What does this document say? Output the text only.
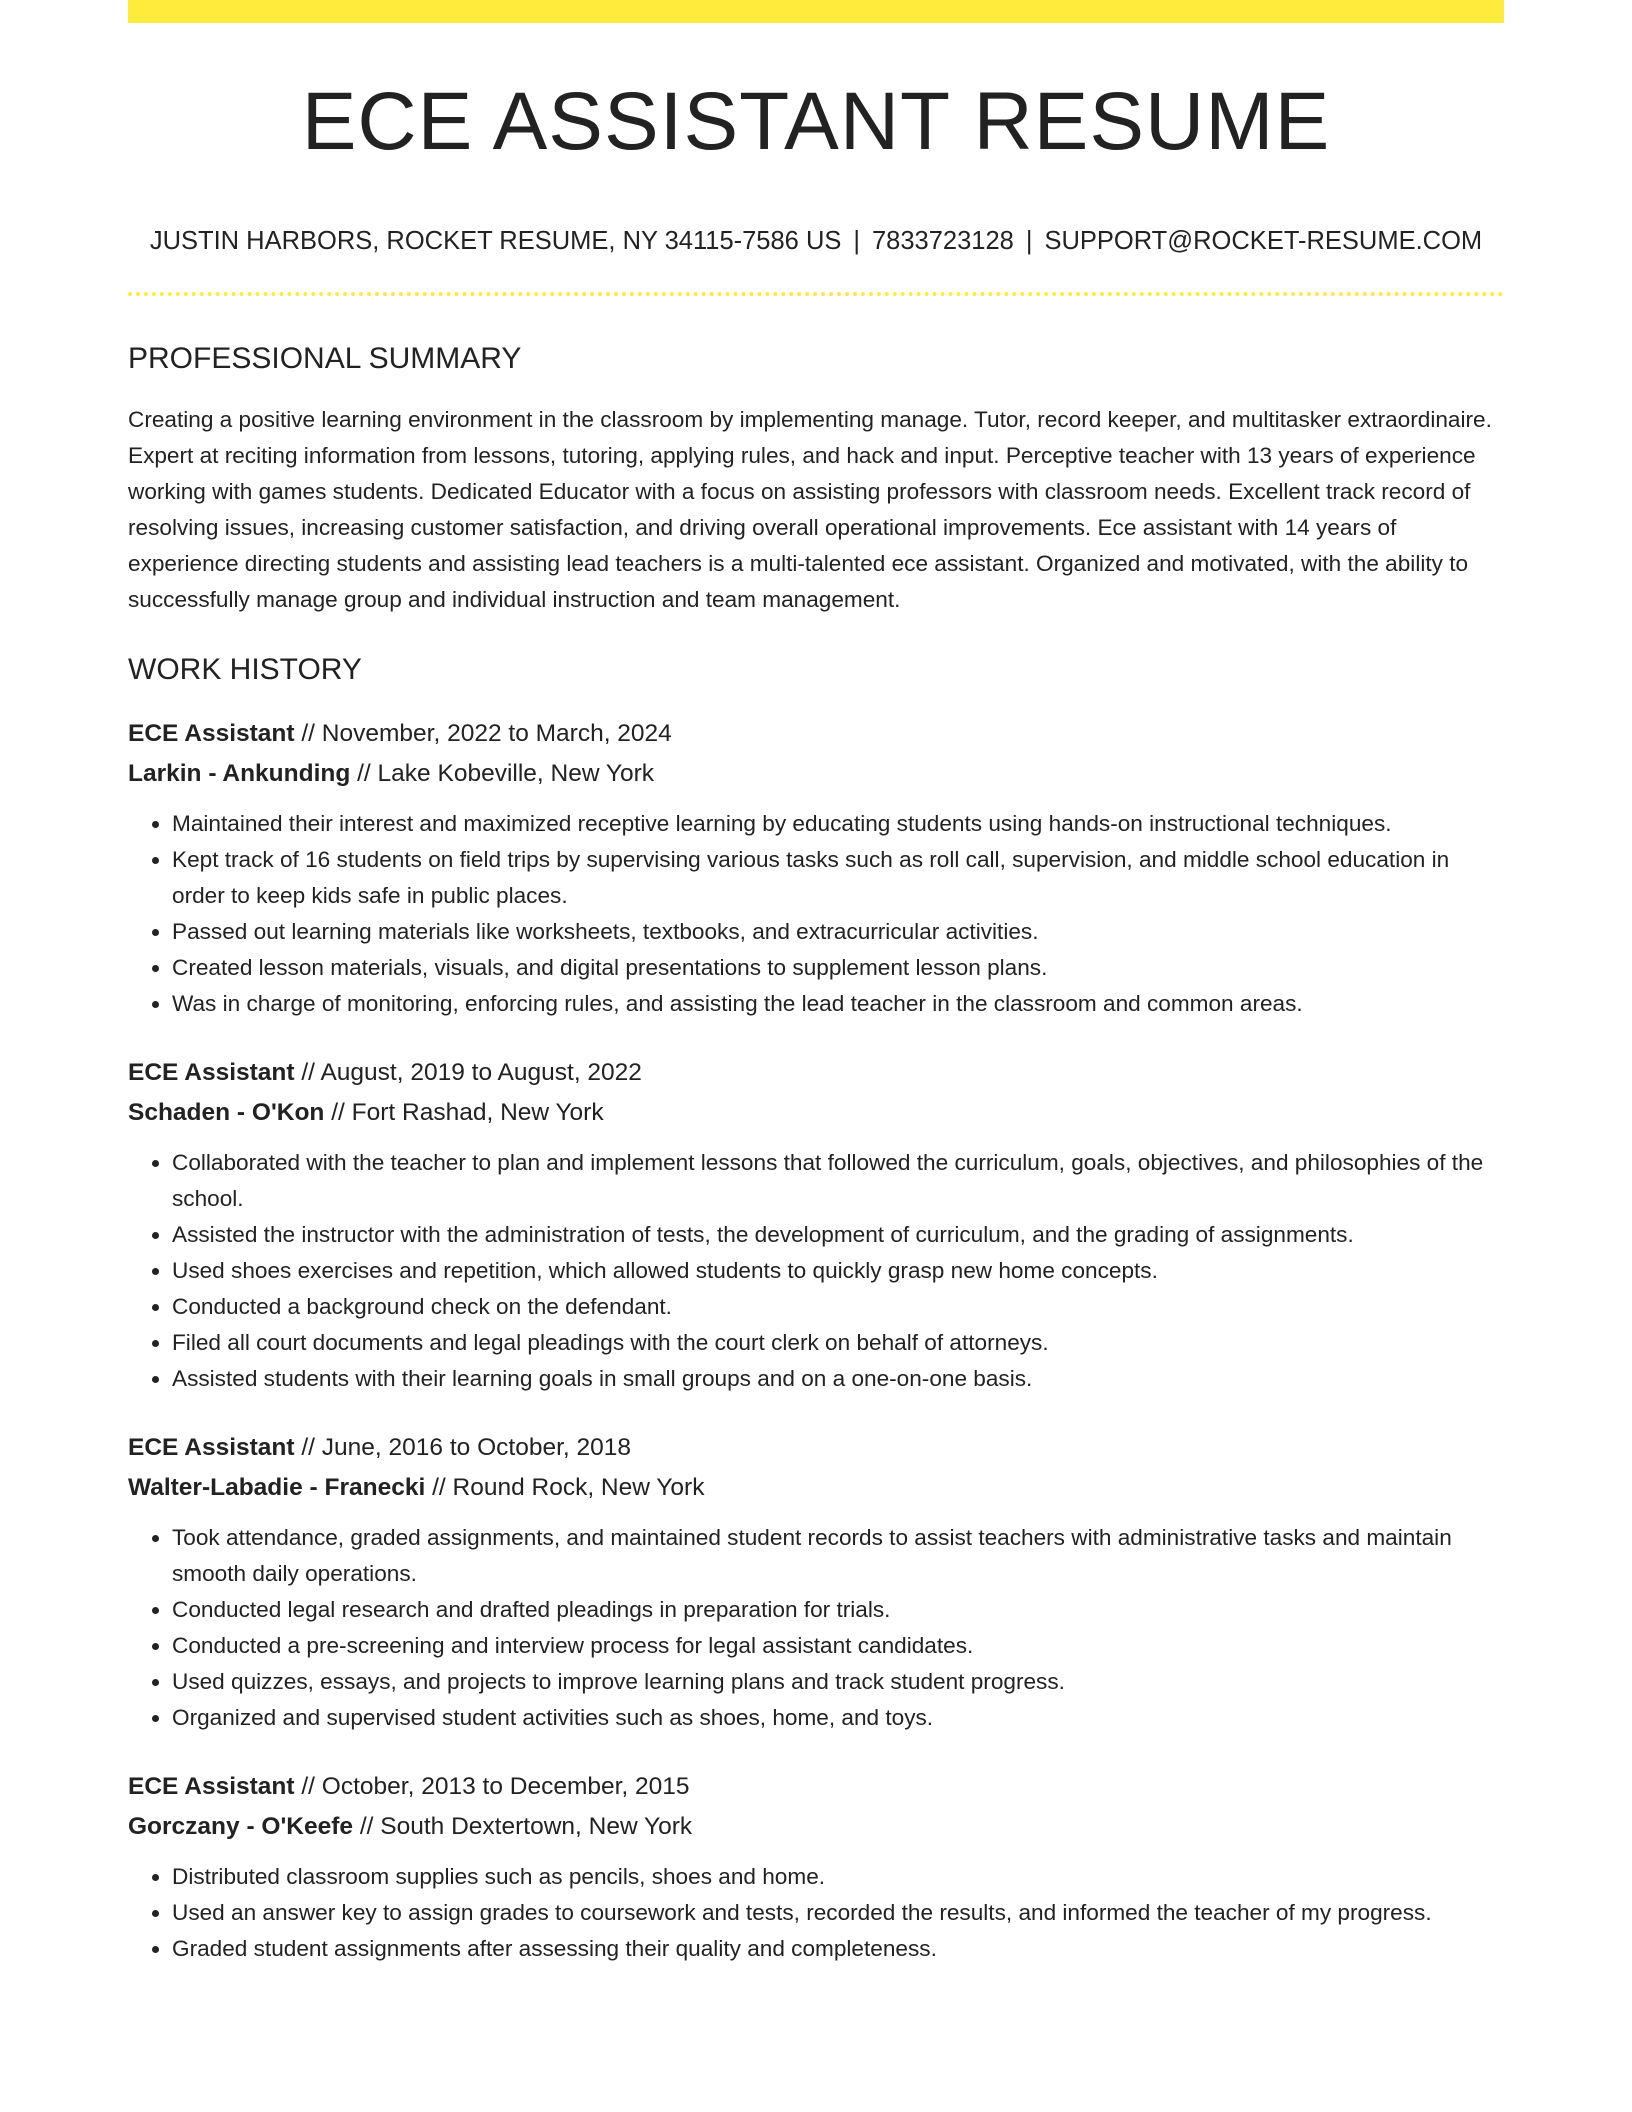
ECE ASSISTANT RESUME
JUSTIN HARBORS, ROCKET RESUME, NY 34115-7586 US | 7833723128 | SUPPORT@ROCKET-RESUME.COM
PROFESSIONAL SUMMARY

Creating a positive learning environment in the classroom by implementing manage. Tutor, record keeper, and multitasker extraordinaire. Expert at reciting information from lessons, tutoring, applying rules, and hack and input. Perceptive teacher with 13 years of experience working with games students. Dedicated Educator with a focus on assisting professors with classroom needs. Excellent track record of resolving issues, increasing customer satisfaction, and driving overall operational improvements. Ece assistant with 14 years of experience directing students and assisting lead teachers is a multi-talented ece assistant. Organized and motivated, with the ability to successfully manage group and individual instruction and team management.

WORK HISTORY
ECE Assistant // November, 2022 to March, 2024
Larkin - Ankunding // Lake Kobeville, New York
• Maintained their interest and maximized receptive learning by educating students using hands-on instructional techniques.
• Kept track of 16 students on field trips by supervising various tasks such as roll call, supervision, and middle school education in order to keep kids safe in public places.
• Passed out learning materials like worksheets, textbooks, and extracurricular activities.
• Created lesson materials, visuals, and digital presentations to supplement lesson plans.
• Was in charge of monitoring, enforcing rules, and assisting the lead teacher in the classroom and common areas.
ECE Assistant // August, 2019 to August, 2022
Schaden - O'Kon // Fort Rashad, New York
• Collaborated with the teacher to plan and implement lessons that followed the curriculum, goals, objectives, and philosophies of the school.
• Assisted the instructor with the administration of tests, the development of curriculum, and the grading of assignments.
• Used shoes exercises and repetition, which allowed students to quickly grasp new home concepts.
• Conducted a background check on the defendant.
• Filed all court documents and legal pleadings with the court clerk on behalf of attorneys.
• Assisted students with their learning goals in small groups and on a one-on-one basis.
ECE Assistant // June, 2016 to October, 2018
Walter-Labadie - Franecki // Round Rock, New York
• Took attendance, graded assignments, and maintained student records to assist teachers with administrative tasks and maintain smooth daily operations.
• Conducted legal research and drafted pleadings in preparation for trials.
• Conducted a pre-screening and interview process for legal assistant candidates.
• Used quizzes, essays, and projects to improve learning plans and track student progress.
• Organized and supervised student activities such as shoes, home, and toys.
ECE Assistant // October, 2013 to December, 2015
Gorczany - O'Keefe // South Dextertown, New York
• Distributed classroom supplies such as pencils, shoes and home.
• Used an answer key to assign grades to coursework and tests, recorded the results, and informed the teacher of my progress.
• Graded student assignments after assessing their quality and completeness.
